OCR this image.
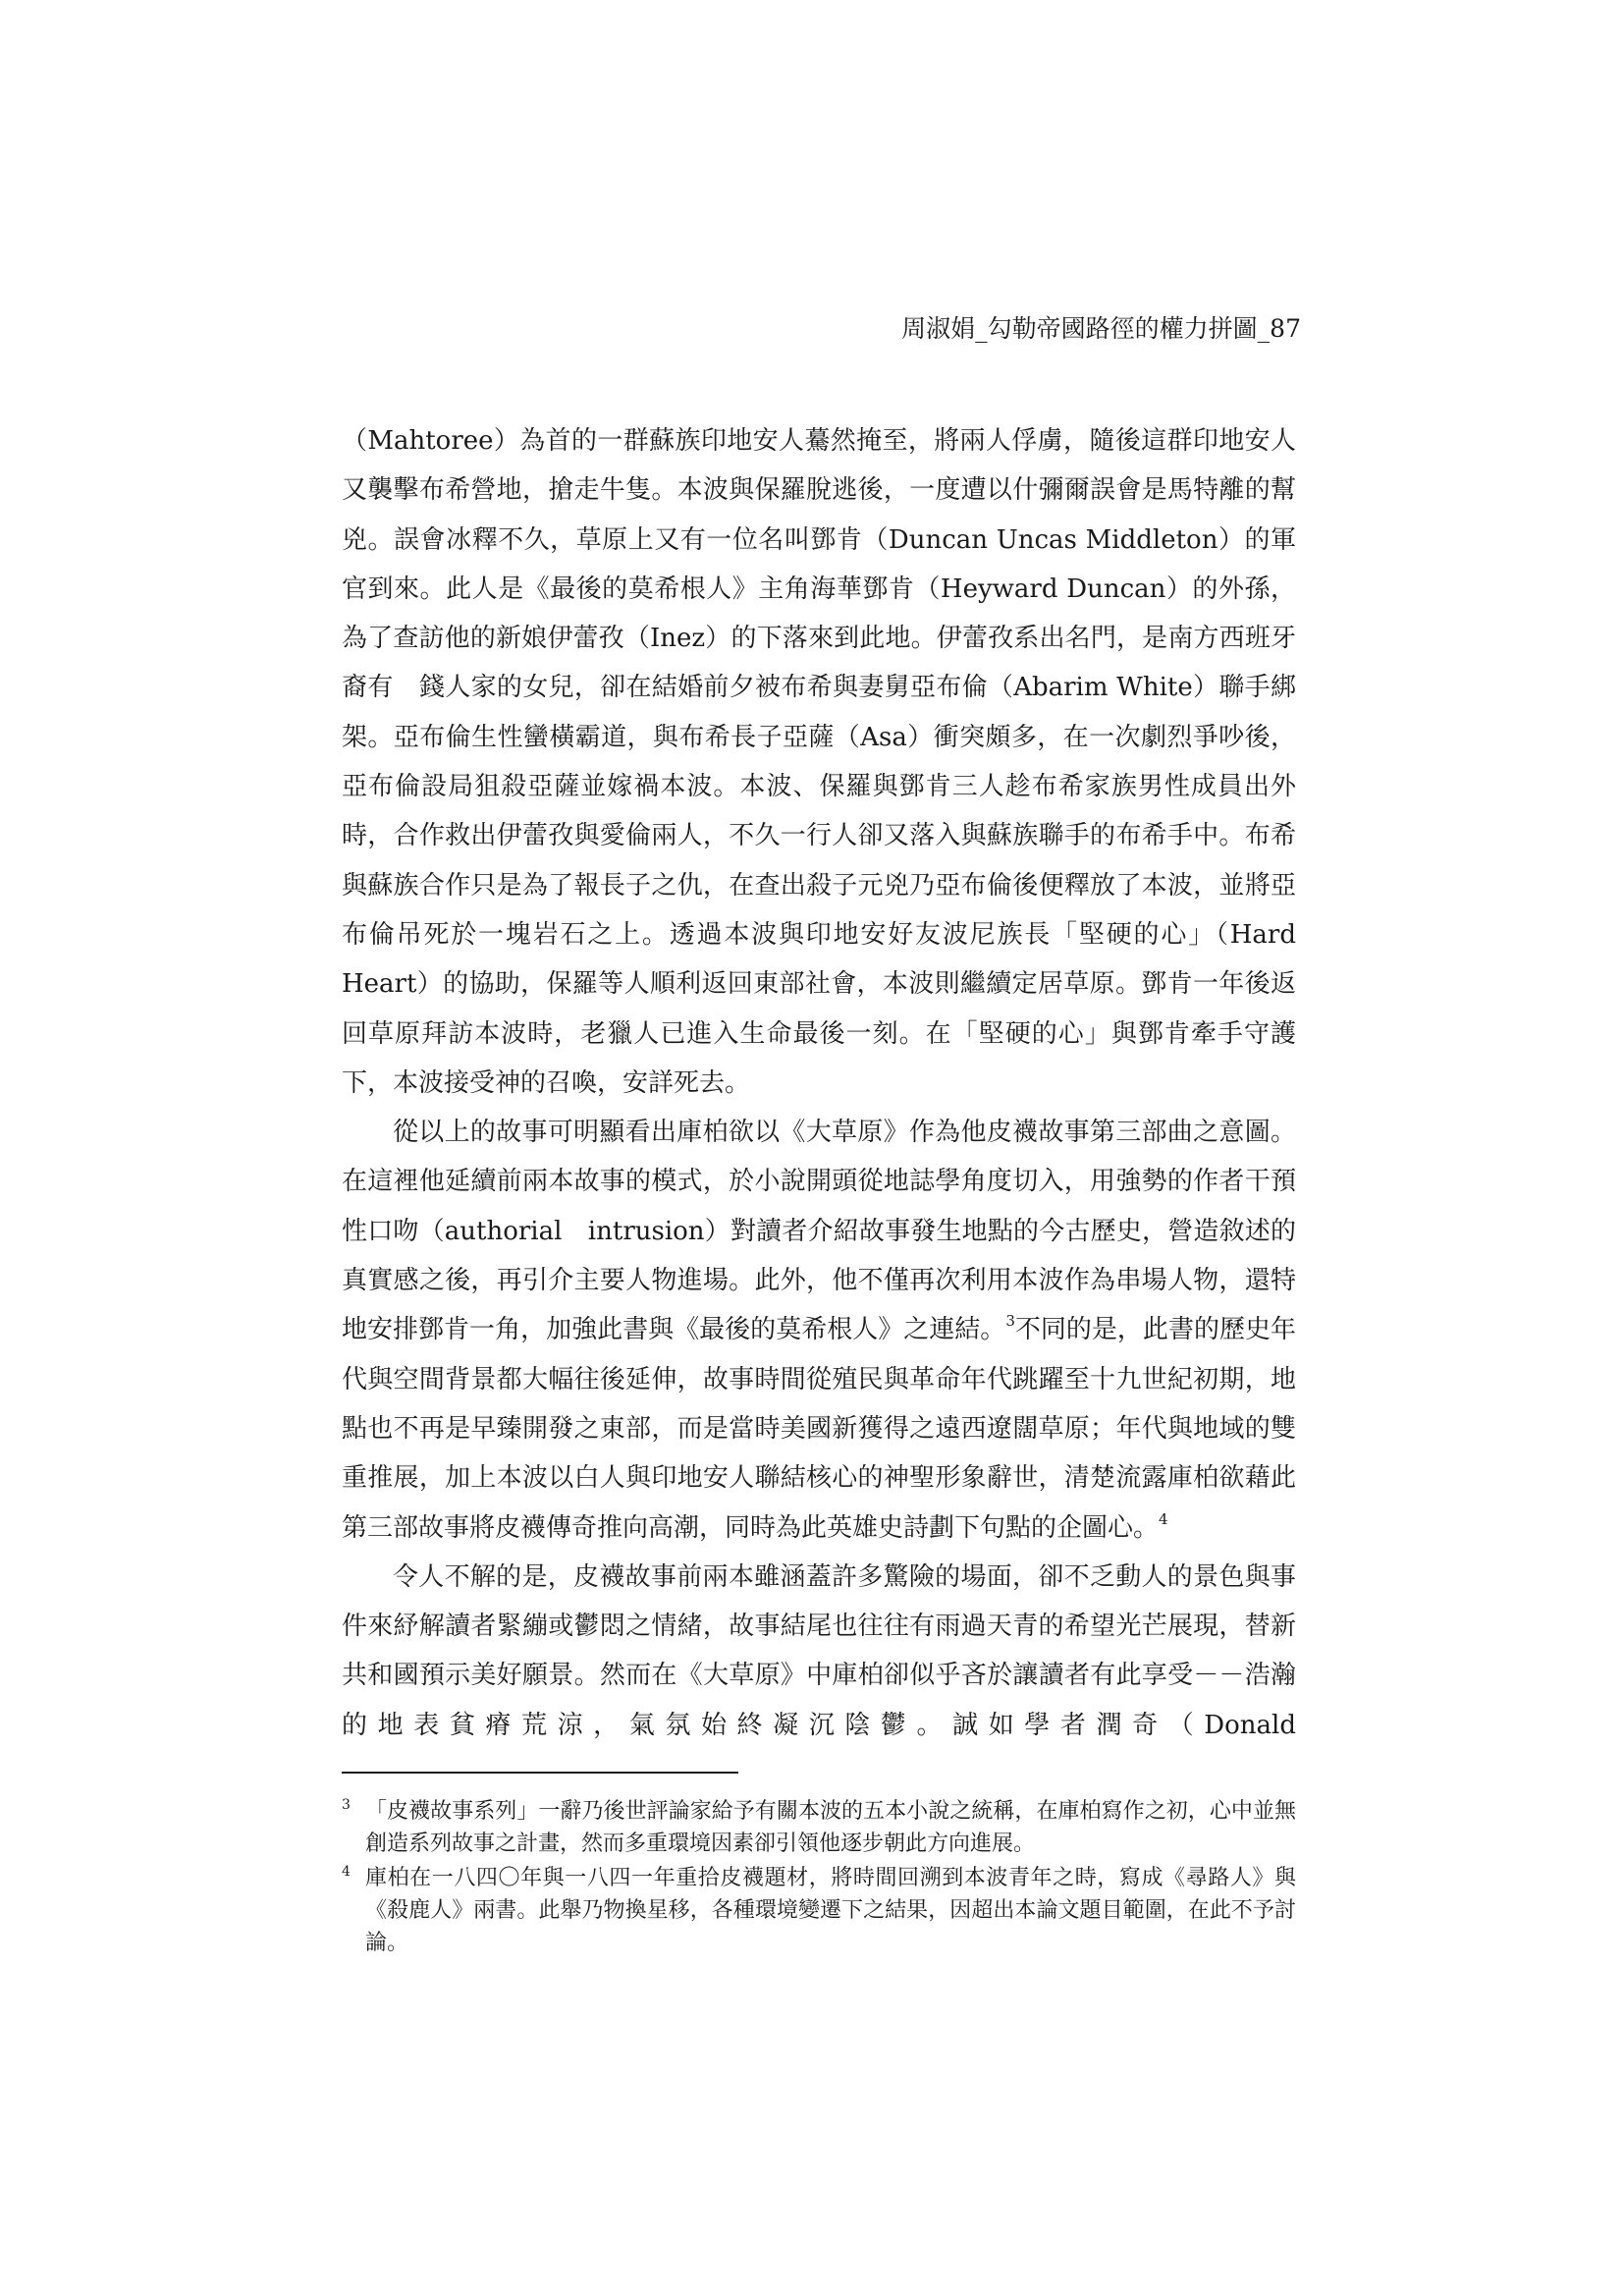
周淑娟_勾勒帝國路徑的權力拼圖_87

（Mahtoree）為首的一群蘇族印地安人驀然掩至，將兩人俘虜，隨後這群印地安人又襲擊布希營地，搶走牛隻。本波與保羅脫逃後，一度遭以什彌爾誤會是馬特離的幫兇。誤會冰釋不久，草原上又有一位名叫鄧肯（Duncan Uncas Middleton）的軍官到來。此人是《最後的莫希根人》主角海華鄧肯（Heyward Duncan）的外孫，為了查訪他的新娘伊蕾孜（Inez）的下落來到此地。伊蕾孜系出名門，是南方西班牙裔有　錢人家的女兒，卻在結婚前夕被布希與妻舅亞布倫（Abarim White）聯手綁架。亞布倫生性蠻橫霸道，與布希長子亞薩（Asa）衝突頗多，在一次劇烈爭吵後，亞布倫設局狙殺亞薩並嫁禍本波。本波、保羅與鄧肯三人趁布希家族男性成員出外時，合作救出伊蕾孜與愛倫兩人，不久一行人卻又落入與蘇族聯手的布希手中。布希與蘇族合作只是為了報長子之仇，在查出殺子元兇乃亞布倫後便釋放了本波，並將亞布倫吊死於一塊岩石之上。透過本波與印地安好友波尼族長「堅硬的心」（Hard Heart）的協助，保羅等人順利返回東部社會，本波則繼續定居草原。鄧肯一年後返回草原拜訪本波時，老獵人已進入生命最後一刻。在「堅硬的心」與鄧肯牽手守護下，本波接受神的召喚，安詳死去。

從以上的故事可明顯看出庫柏欲以《大草原》作為他皮襪故事第三部曲之意圖。在這裡他延續前兩本故事的模式，於小說開頭從地誌學角度切入，用強勢的作者干預性口吻（authorial　intrusion）對讀者介紹故事發生地點的今古歷史，營造敘述的真實感之後，再引介主要人物進場。此外，他不僅再次利用本波作為串場人物，還特地安排鄧肯一角，加強此書與《最後的莫希根人》之連結。$^3$不同的是，此書的歷史年代與空間背景都大幅往後延伸，故事時間從殖民與革命年代跳躍至十九世紀初期，地點也不再是早臻開發之東部，而是當時美國新獲得之遠西遼闊草原；年代與地域的雙重推展，加上本波以白人與印地安人聯結核心的神聖形象辭世，清楚流露庫柏欲藉此第三部故事將皮襪傳奇推向高潮，同時為此英雄史詩劃下句點的企圖心。$^4$

令人不解的是，皮襪故事前兩本雖涵蓋許多驚險的場面，卻不乏動人的景色與事件來紓解讀者緊繃或鬱悶之情緒，故事結尾也往往有雨過天青的希望光芒展現，替新共和國預示美好願景。然而在《大草原》中庫柏卻似乎吝於讓讀者有此享受－－浩瀚的地表貧瘠荒涼，氣氛始終凝沉陰鬱。誠如學者潤奇（Donald

3 「皮襪故事系列」一辭乃後世評論家給予有關本波的五本小說之統稱，在庫柏寫作之初，心中並無創造系列故事之計畫，然而多重環境因素卻引領他逐步朝此方向進展。
4 庫柏在一八四〇年與一八四一年重拾皮襪題材，將時間回溯到本波青年之時，寫成《尋路人》與《殺鹿人》兩書。此舉乃物換星移，各種環境變遷下之結果，因超出本論文題目範圍，在此不予討論。
